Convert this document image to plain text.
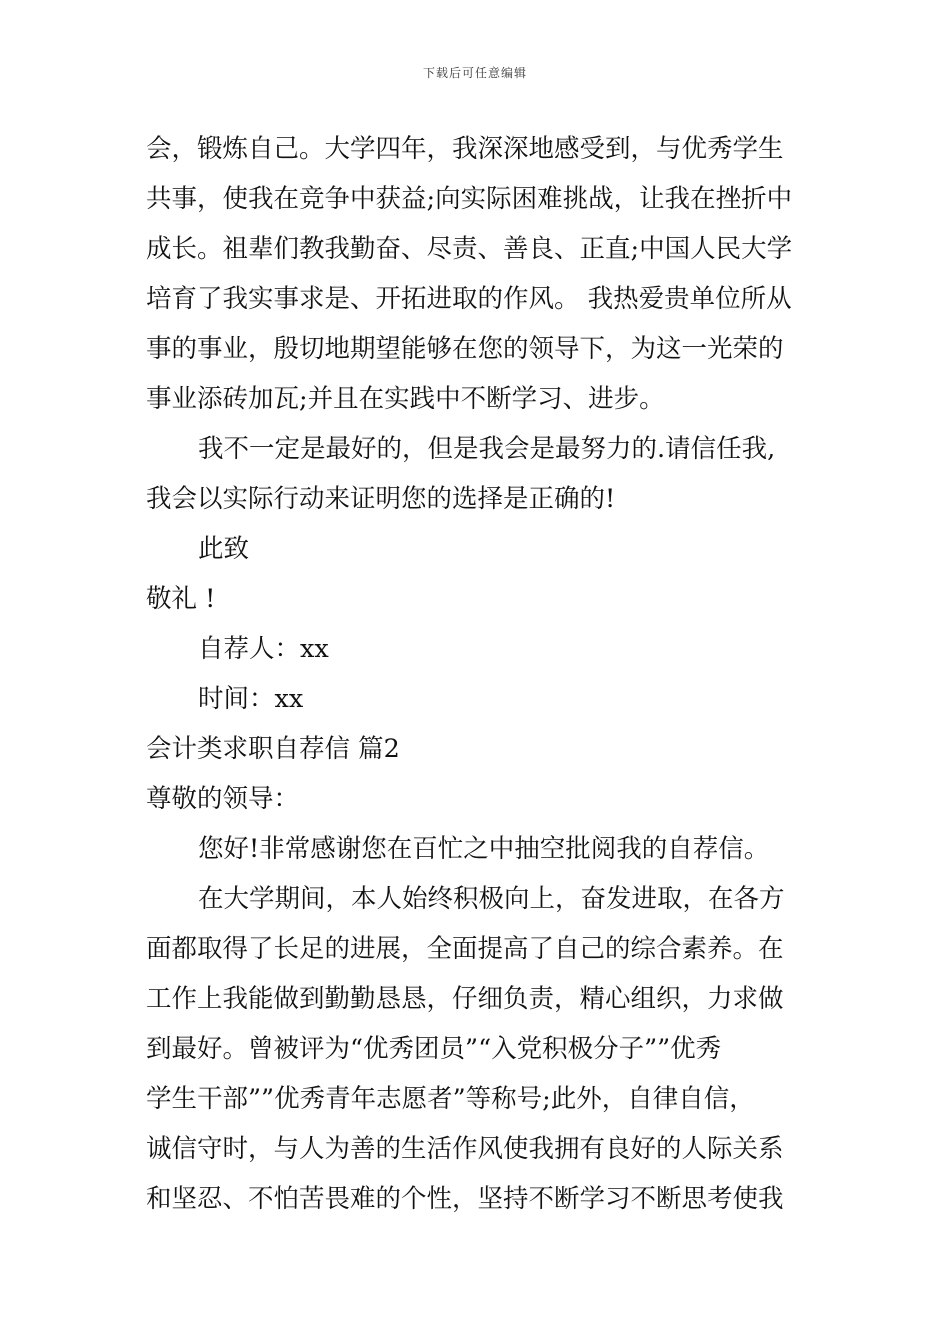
下载后可任意编辑
会，锻炼自己。大学四年，我深深地感受到，与优秀学生
共事，使我在竞争中获益;向实际困难挑战，让我在挫折中
成长。祖辈们教我勤奋、尽责、善良、正直;中国人民大学
培育了我实事求是、开拓进取的作风。 我热爱贵单位所从
事的事业，殷切地期望能够在您的领导下，为这一光荣的
事业添砖加瓦;并且在实践中不断学习、进步。
我不一定是最好的，但是我会是最努力的.请信任我,
我会以实际行动来证明您的选择是正确的!
此致
敬礼 !
自荐人：xx
时间：xx
会计类求职自荐信 篇2
尊敬的领导：
您好!非常感谢您在百忙之中抽空批阅我的自荐信。
在大学期间，本人始终积极向上，奋发进取，在各方
面都取得了长足的进展，全面提高了自己的综合素养。在
工作上我能做到勤勤恳恳，仔细负责，精心组织，力求做
到最好。曾被评为“优秀团员”“入党积极分子””优秀
学生干部””优秀青年志愿者”等称号;此外，自律自信，
诚信守时，与人为善的生活作风使我拥有良好的人际关系
和坚忍、不怕苦畏难的个性，坚持不断学习不断思考使我
